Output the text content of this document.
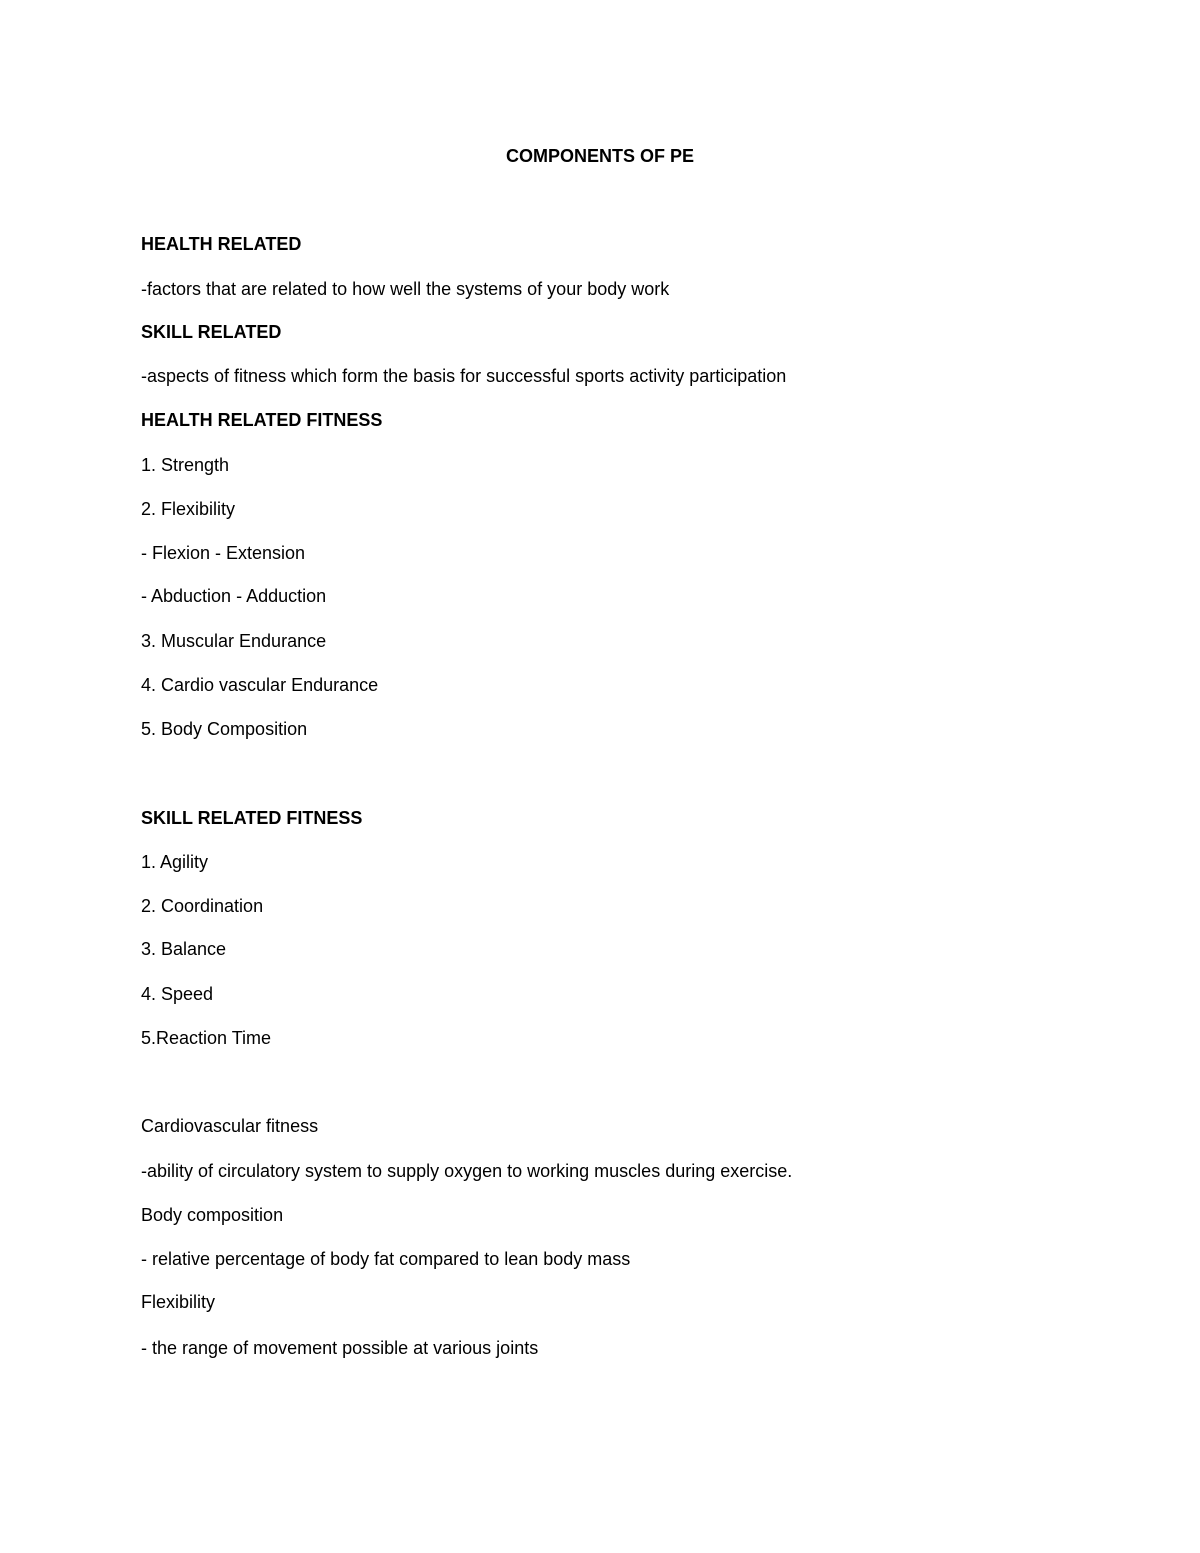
COMPONENTS OF PE
HEALTH RELATED
-factors that are related to how well the systems of your body work
SKILL RELATED
-aspects of fitness which form the basis for successful sports activity participation
HEALTH RELATED FITNESS
1. Strength
2. Flexibility
- Flexion - Extension
- Abduction - Adduction
3. Muscular Endurance
4. Cardio vascular Endurance
5. Body Composition
SKILL RELATED FITNESS
1. Agility
2. Coordination
3. Balance
4. Speed
5.Reaction Time
Cardiovascular fitness
-ability of circulatory system to supply oxygen to working muscles during exercise.
Body composition
- relative percentage of body fat compared to lean body mass
Flexibility
- the range of movement possible at various joints
